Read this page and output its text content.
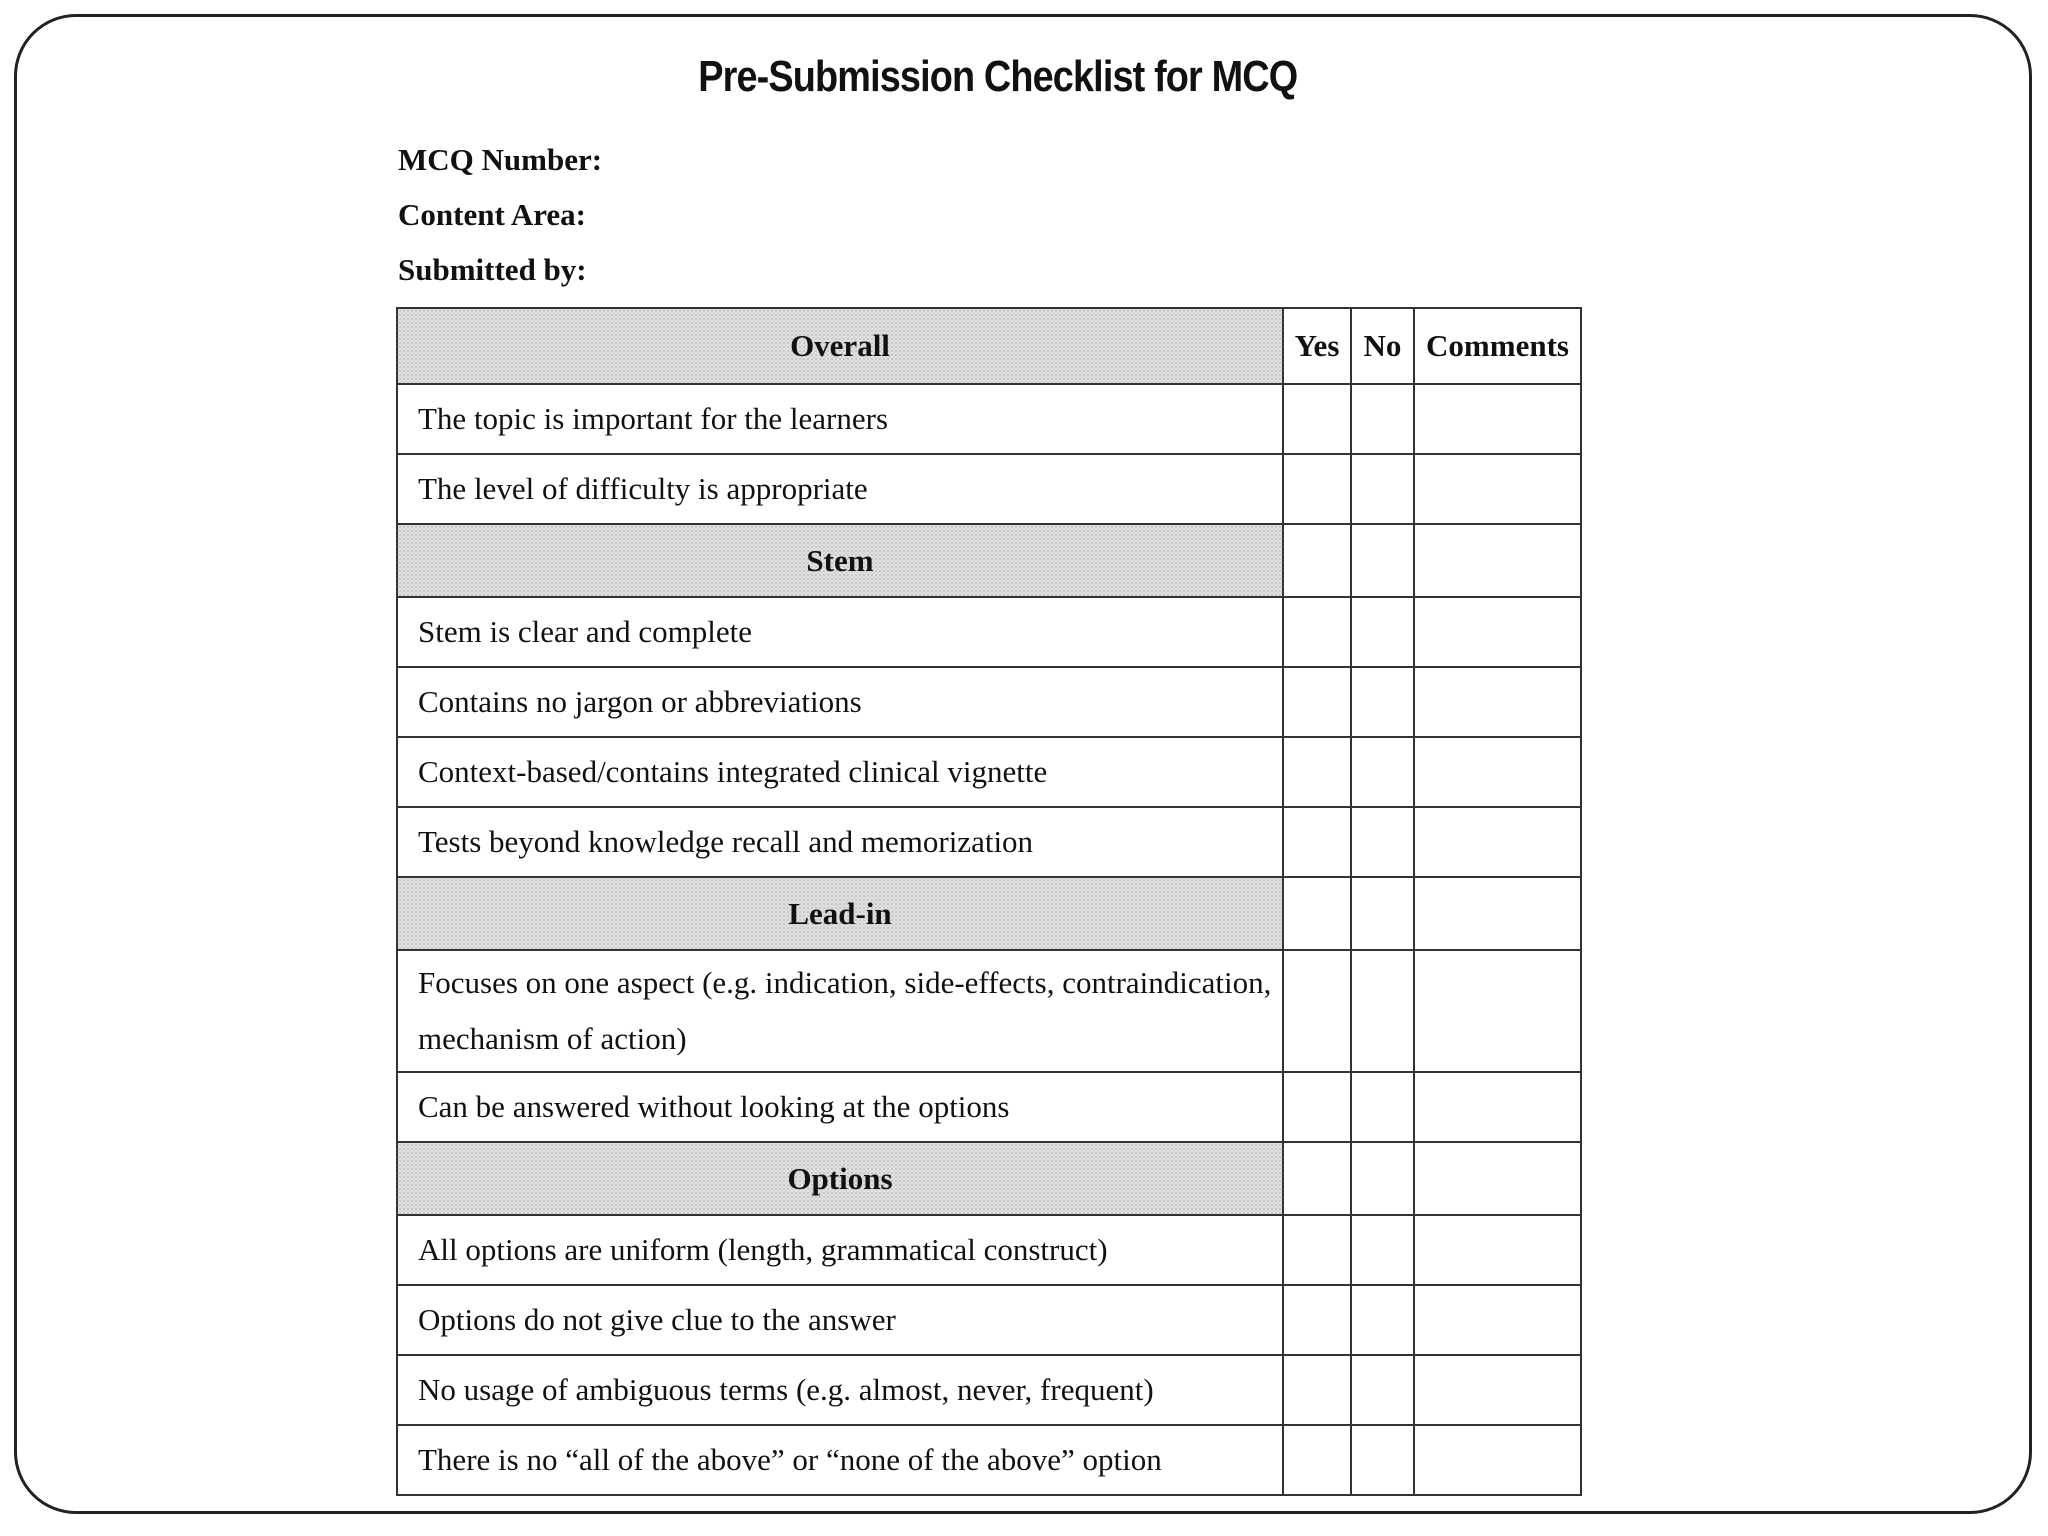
Pre-Submission Checklist for MCQ
MCQ Number:
Content Area:
Submitted by:
Overall	Yes	No	Comments
The topic is important for the learners			
The level of difficulty is appropriate			
Stem			
Stem is clear and complete			
Contains no jargon or abbreviations			
Context-based/contains integrated clinical vignette			
Tests beyond knowledge recall and memorization			
Lead-in			
Focuses on one aspect (e.g. indication, side-effects, contraindication, mechanism of action)			
Can be answered without looking at the options			
Options			
All options are uniform (length, grammatical construct)			
Options do not give clue to the answer			
No usage of ambiguous terms (e.g. almost, never, frequent)			
There is no “all of the above” or “none of the above” option			
